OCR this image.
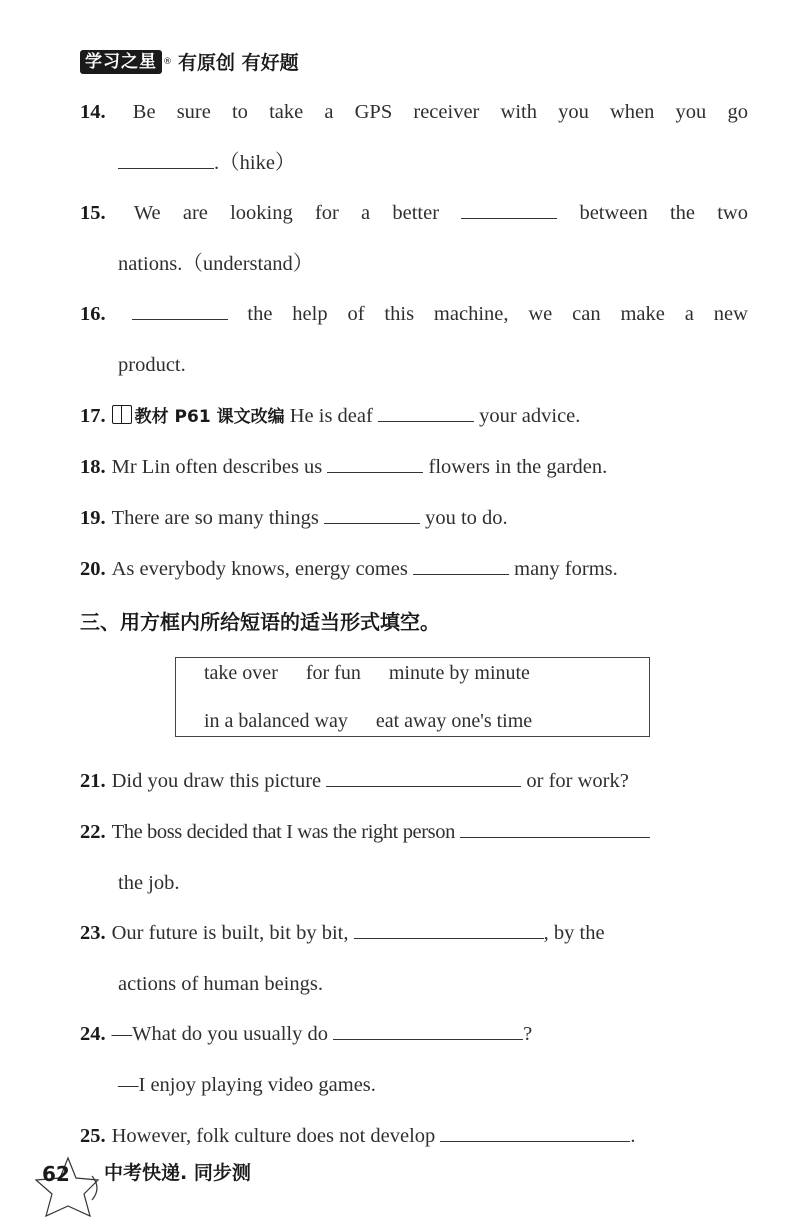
学习之星 ® 有原创 有好题
14. Be sure to take a GPS receiver with you when you go
.（hike）
15. We are looking for a better	between the two
nations.（understand）
16.	the help of this machine, we can make a new
product.
17. 教材 P61 课文改编 He is deaf	your advice.
18. Mr Lin often describes us	flowers in the garden.
19. There are so many things	you to do.
20. As everybody knows, energy comes	many forms.
三、用方框内所给短语的适当形式填空。
take over for fun minute by minute
in a balanced way eat away one's time
21. Did you draw this picture	or for work?
22. The boss decided that I was the right person
the job.
23. Our future is built, bit by bit,	, by the
actions of human beings.
24. —What do you usually do	?
—I enjoy playing video games.
25. However, folk culture does not develop	.
62 中考快递. 同步测
